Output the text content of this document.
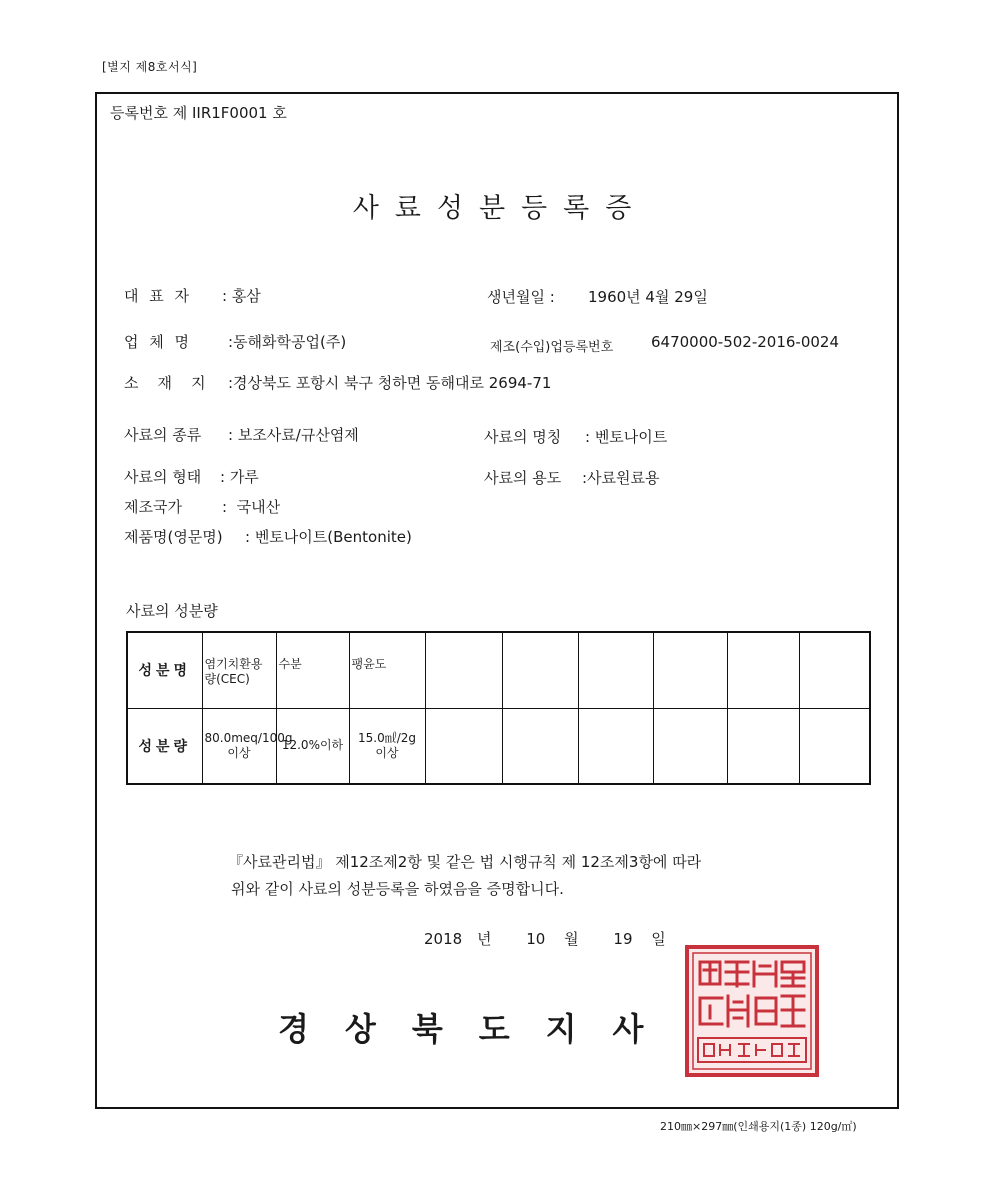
[별지 제8호서식]
등록번호 제 IIR1F0001 호
사료성분등록증
대 표 자 : 홍삼	생년월일 : 1960년 4월 29일
업 체 명 :동해화학공업(주)	제조(수입)업등록번호	6470000-502-2016-0024
소    재    지 :경상북도 포항시 북구 청하면 동해대로 2694-71
사료의 종류 : 보조사료/규산염제	사료의 명칭 : 벤토나이트
사료의 형태 : 가루	사료의 용도 :사료원료용
제조국가	:  국내산
제품명(영문명) : 벤토나이트(Bentonite)
사료의 성분량
성분명	염기치환용량(CEC)	수분	팽윤도						
성분량	80.0meq/100g이상	12.0%이하	15.0㎖/2g 이상						
『사료관리법』 제12조제2항 및 같은 법 시행규칙 제 12조제3항에 따라
위와 같이 사료의 성분등록을 하였음을 증명합니다.
2018 년 10 월 19 일
경상북도지사
210㎜×297㎜(인쇄용지(1종) 120g/㎡)
